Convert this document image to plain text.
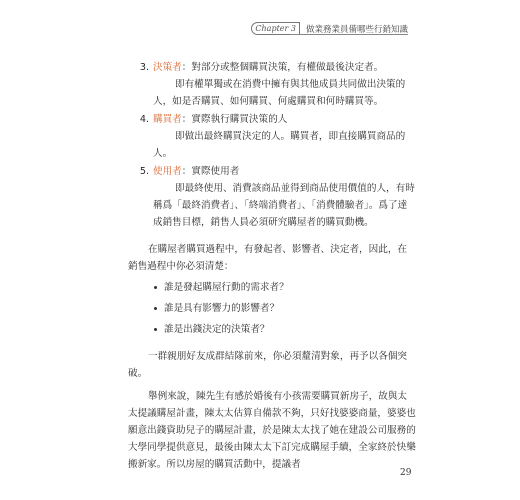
Chapter 3	做業務業員備哪些行銷知識
3. 決策者：對部分或整個購買決策，有權做最後決定者。

即有權單獨或在消費中擁有與其他成員共同做出決策的人，如是否購買、如何購買、何處購買和何時購買等。

4. 購買者：實際執行購買決策的人

即做出最終購買決定的人。購買者，即直接購買商品的人。

5. 使用者：實際使用者

即最終使用、消費該商品並得到商品使用價值的人，有時稱爲「最終消費者」、「終端消費者」、「消費體驗者」。爲了達成銷售目標，銷售人員必須研究購屋者的購買動機。

在購屋者購買過程中，有發起者、影響者、決定者，因此，在銷售過程中你必須清楚：

誰是發起購屋行動的需求者？
誰是具有影響力的影響者？
誰是出錢決定的決策者？

一群親朋好友成群結隊前來，你必須釐清對象，再予以各個突破。

舉例來說，陳先生有感於婚後有小孩需要購買新房子，故與太太提議購屋計畫，陳太太估算自備款不夠，只好找婆婆商量，婆婆也願意出錢資助兒子的購屋計畫，於是陳太太找了她在建設公司服務的大學同學提供意見，最後由陳太太下訂完成購屋手續，全家終於快樂搬新家。所以房屋的購買活動中，提議者

29
